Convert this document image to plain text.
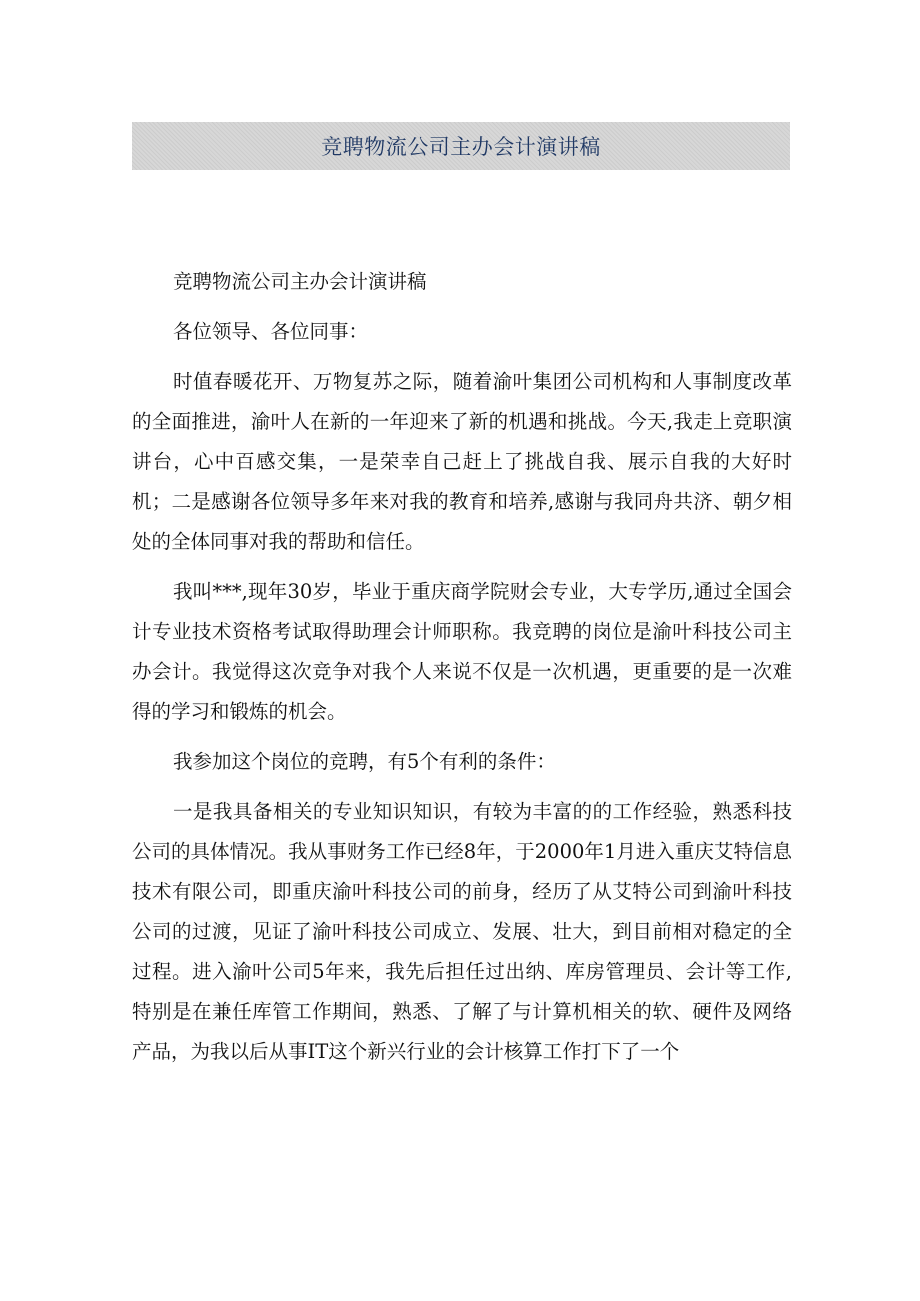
竞聘物流公司主办会计演讲稿

竞聘物流公司主办会计演讲稿

各位领导、各位同事：

时值春暖花开、万物复苏之际，随着渝叶集团公司机构和人事制度改革的全面推进，渝叶人在新的一年迎来了新的机遇和挑战。今天,我走上竞职演讲台，心中百感交集，一是荣幸自己赶上了挑战自我、展示自我的大好时机；二是感谢各位领导多年来对我的教育和培养,感谢与我同舟共济、朝夕相处的全体同事对我的帮助和信任。

我叫***,现年30岁，毕业于重庆商学院财会专业，大专学历,通过全国会计专业技术资格考试取得助理会计师职称。我竞聘的岗位是渝叶科技公司主办会计。我觉得这次竞争对我个人来说不仅是一次机遇，更重要的是一次难得的学习和锻炼的机会。

我参加这个岗位的竞聘，有5个有利的条件：

一是我具备相关的专业知识知识，有较为丰富的的工作经验，熟悉科技公司的具体情况。我从事财务工作已经8年，于2000年1月进入重庆艾特信息技术有限公司，即重庆渝叶科技公司的前身，经历了从艾特公司到渝叶科技公司的过渡，见证了渝叶科技公司成立、发展、壮大，到目前相对稳定的全过程。进入渝叶公司5年来，我先后担任过出纳、库房管理员、会计等工作,特别是在兼任库管工作期间，熟悉、了解了与计算机相关的软、硬件及网络产品，为我以后从事IT这个新兴行业的会计核算工作打下了一个
